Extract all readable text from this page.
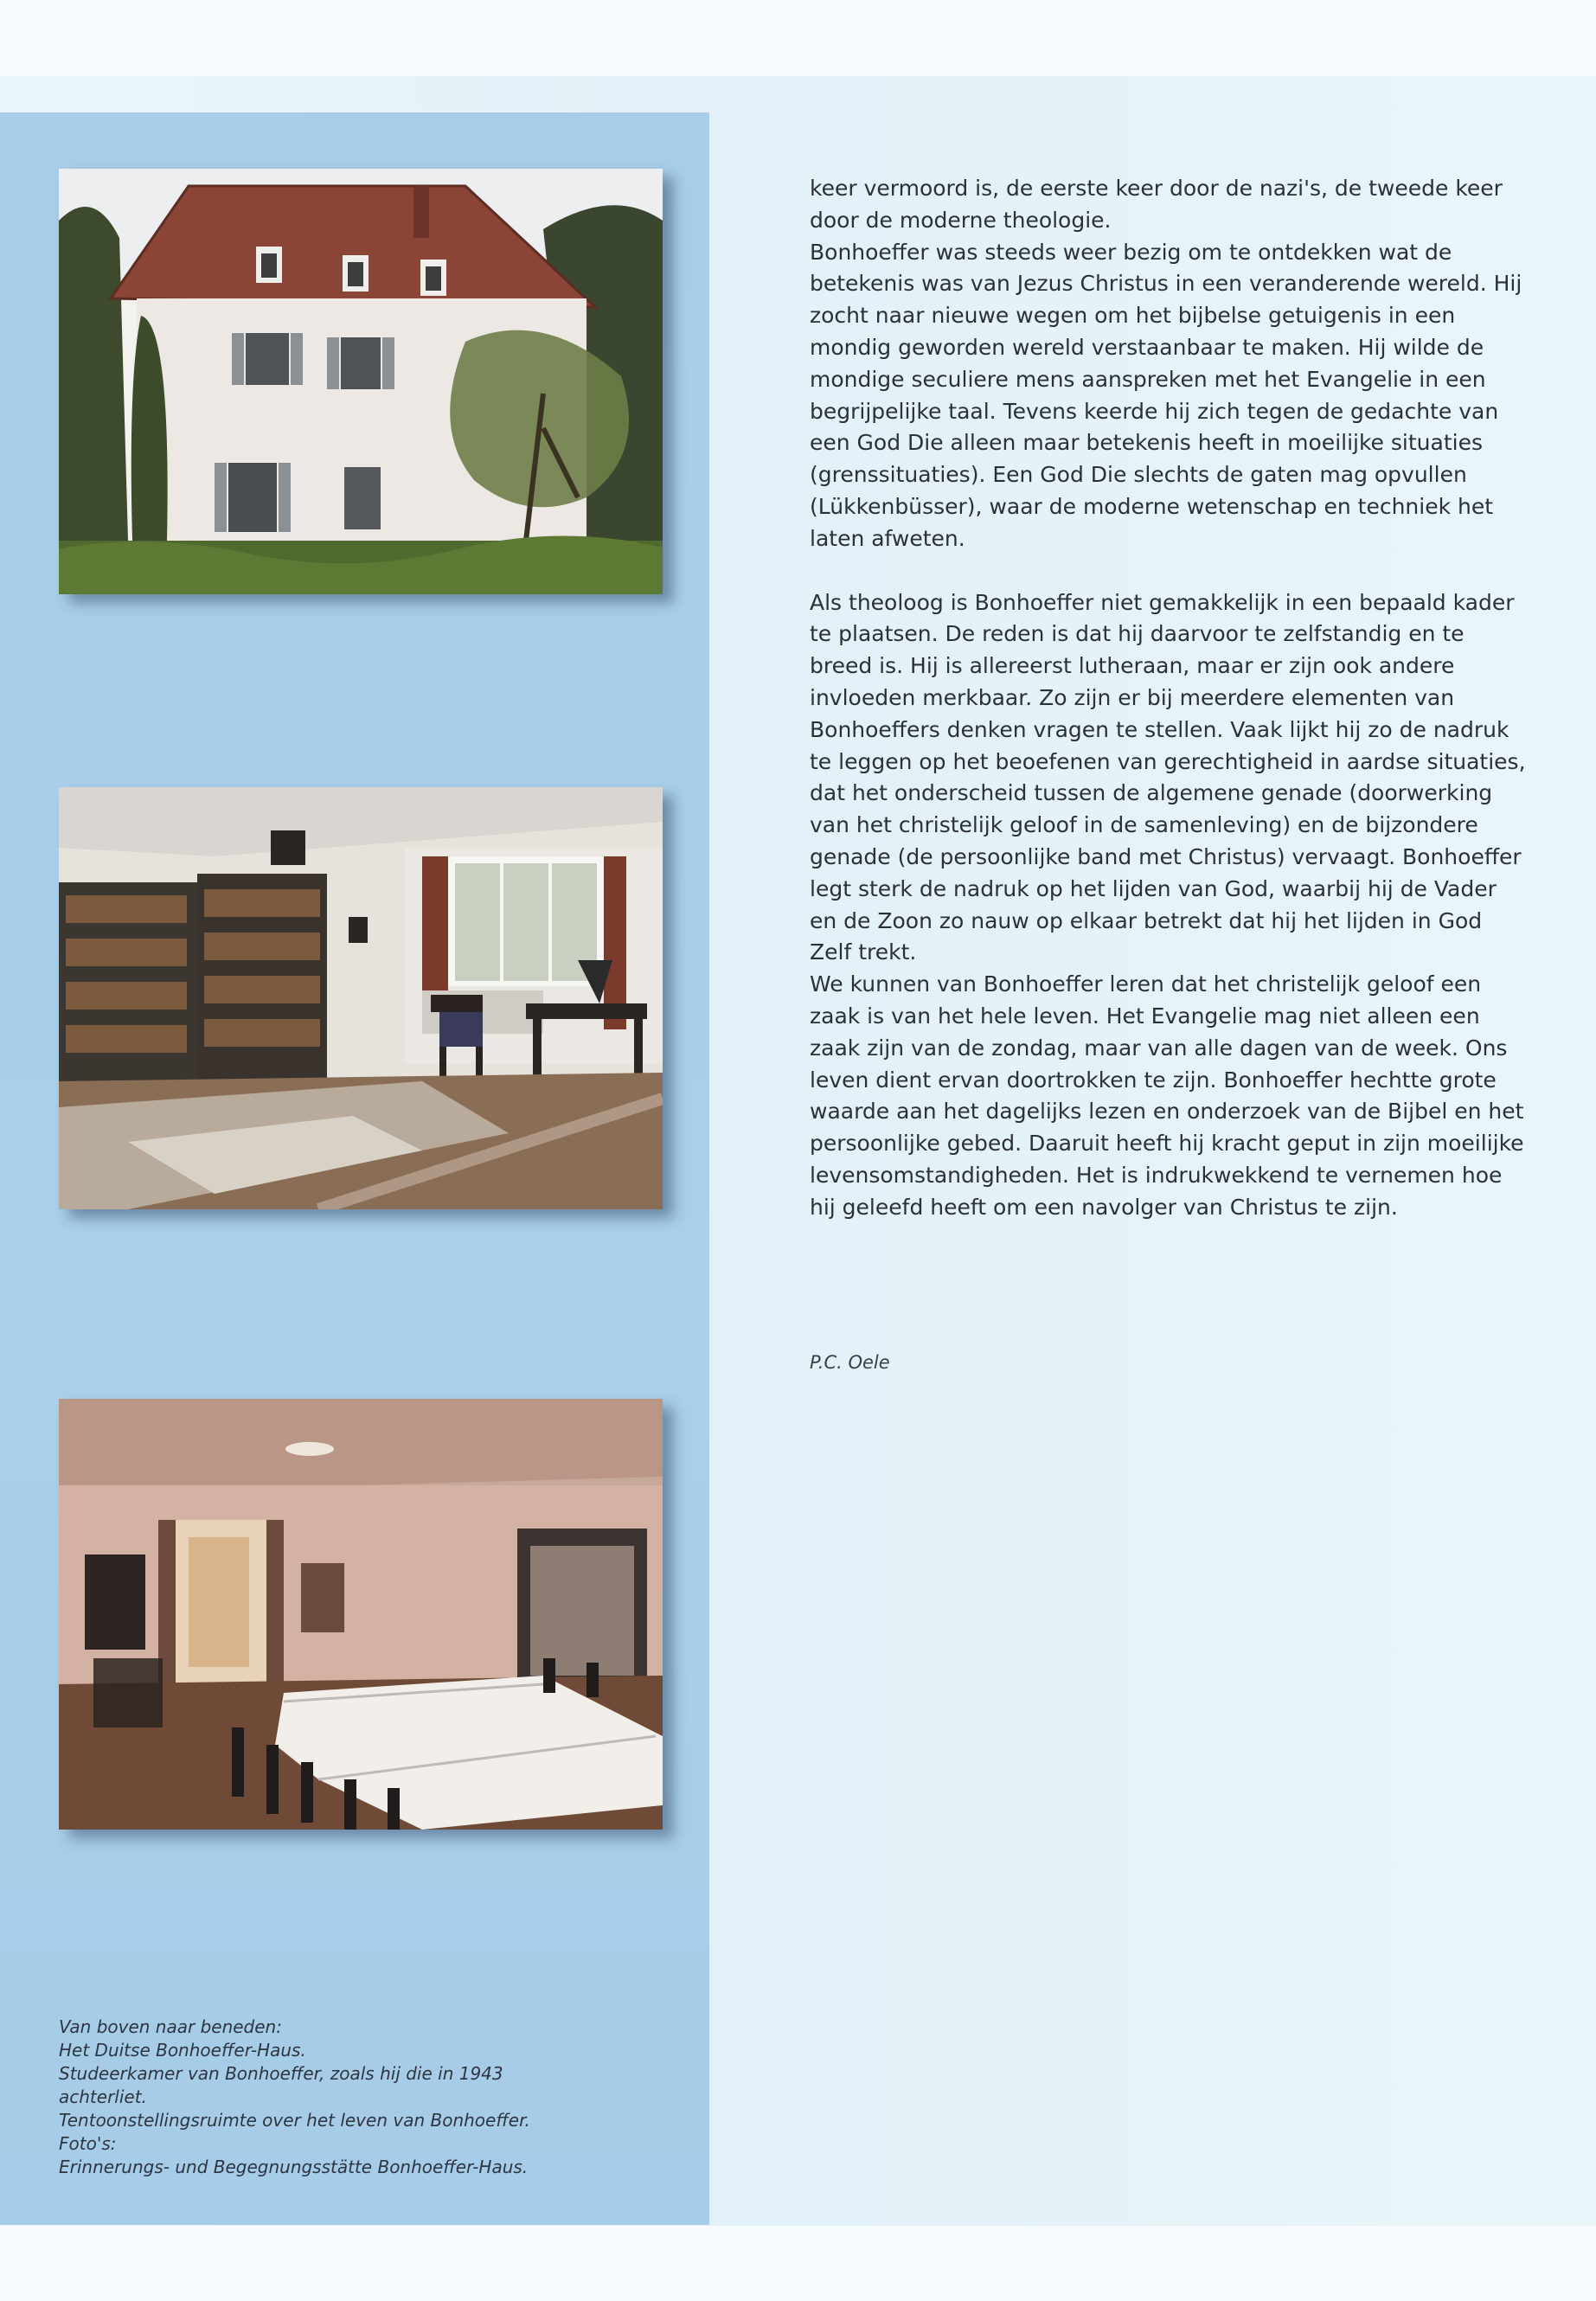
Van boven naar beneden:
Het Duitse Bonhoeffer-Haus.
Studeerkamer van Bonhoeffer, zoals hij die in 1943
achterliet.
Tentoonstellingsruimte over het leven van Bonhoeffer.
Foto's:
Erinnerungs- und Begegnungsstätte Bonhoeffer-Haus.

keer vermoord is, de eerste keer door de nazi's, de tweede keer door de moderne theologie.

Bonhoeffer was steeds weer bezig om te ontdekken wat de betekenis was van Jezus Christus in een veranderende wereld. Hij zocht naar nieuwe wegen om het bijbelse getuigenis in een mondig geworden wereld verstaanbaar te maken. Hij wilde de mondige seculiere mens aanspreken met het Evangelie in een begrijpelijke taal. Tevens keerde hij zich tegen de gedachte van een God Die alleen maar betekenis heeft in moeilijke situaties (grenssituaties). Een God Die slechts de gaten mag opvullen (Lükkenbüsser), waar de moderne wetenschap en techniek het laten afweten.

Als theoloog is Bonhoeffer niet gemakkelijk in een bepaald kader te plaatsen. De reden is dat hij daarvoor te zelfstandig en te breed is. Hij is allereerst lutheraan, maar er zijn ook andere invloeden merkbaar. Zo zijn er bij meerdere elementen van Bonhoeffers denken vragen te stellen. Vaak lijkt hij zo de nadruk te leggen op het beoefenen van gerechtigheid in aardse situaties, dat het onderscheid tussen de algemene genade (doorwerking van het christelijk geloof in de samenleving) en de bijzondere genade (de persoonlijke band met Christus) vervaagt. Bonhoeffer legt sterk de nadruk op het lijden van God, waarbij hij de Vader en de Zoon zo nauw op elkaar betrekt dat hij het lijden in God Zelf trekt.

We kunnen van Bonhoeffer leren dat het christelijk geloof een zaak is van het hele leven. Het Evangelie mag niet alleen een zaak zijn van de zondag, maar van alle dagen van de week. Ons leven dient ervan doortrokken te zijn. Bonhoeffer hechtte grote waarde aan het dagelijks lezen en onderzoek van de Bijbel en het persoonlijke gebed. Daaruit heeft hij kracht geput in zijn moeilijke levensomstandigheden. Het is indrukwekkend te vernemen hoe hij geleefd heeft om een navolger van Christus te zijn.

P.C. Oele
